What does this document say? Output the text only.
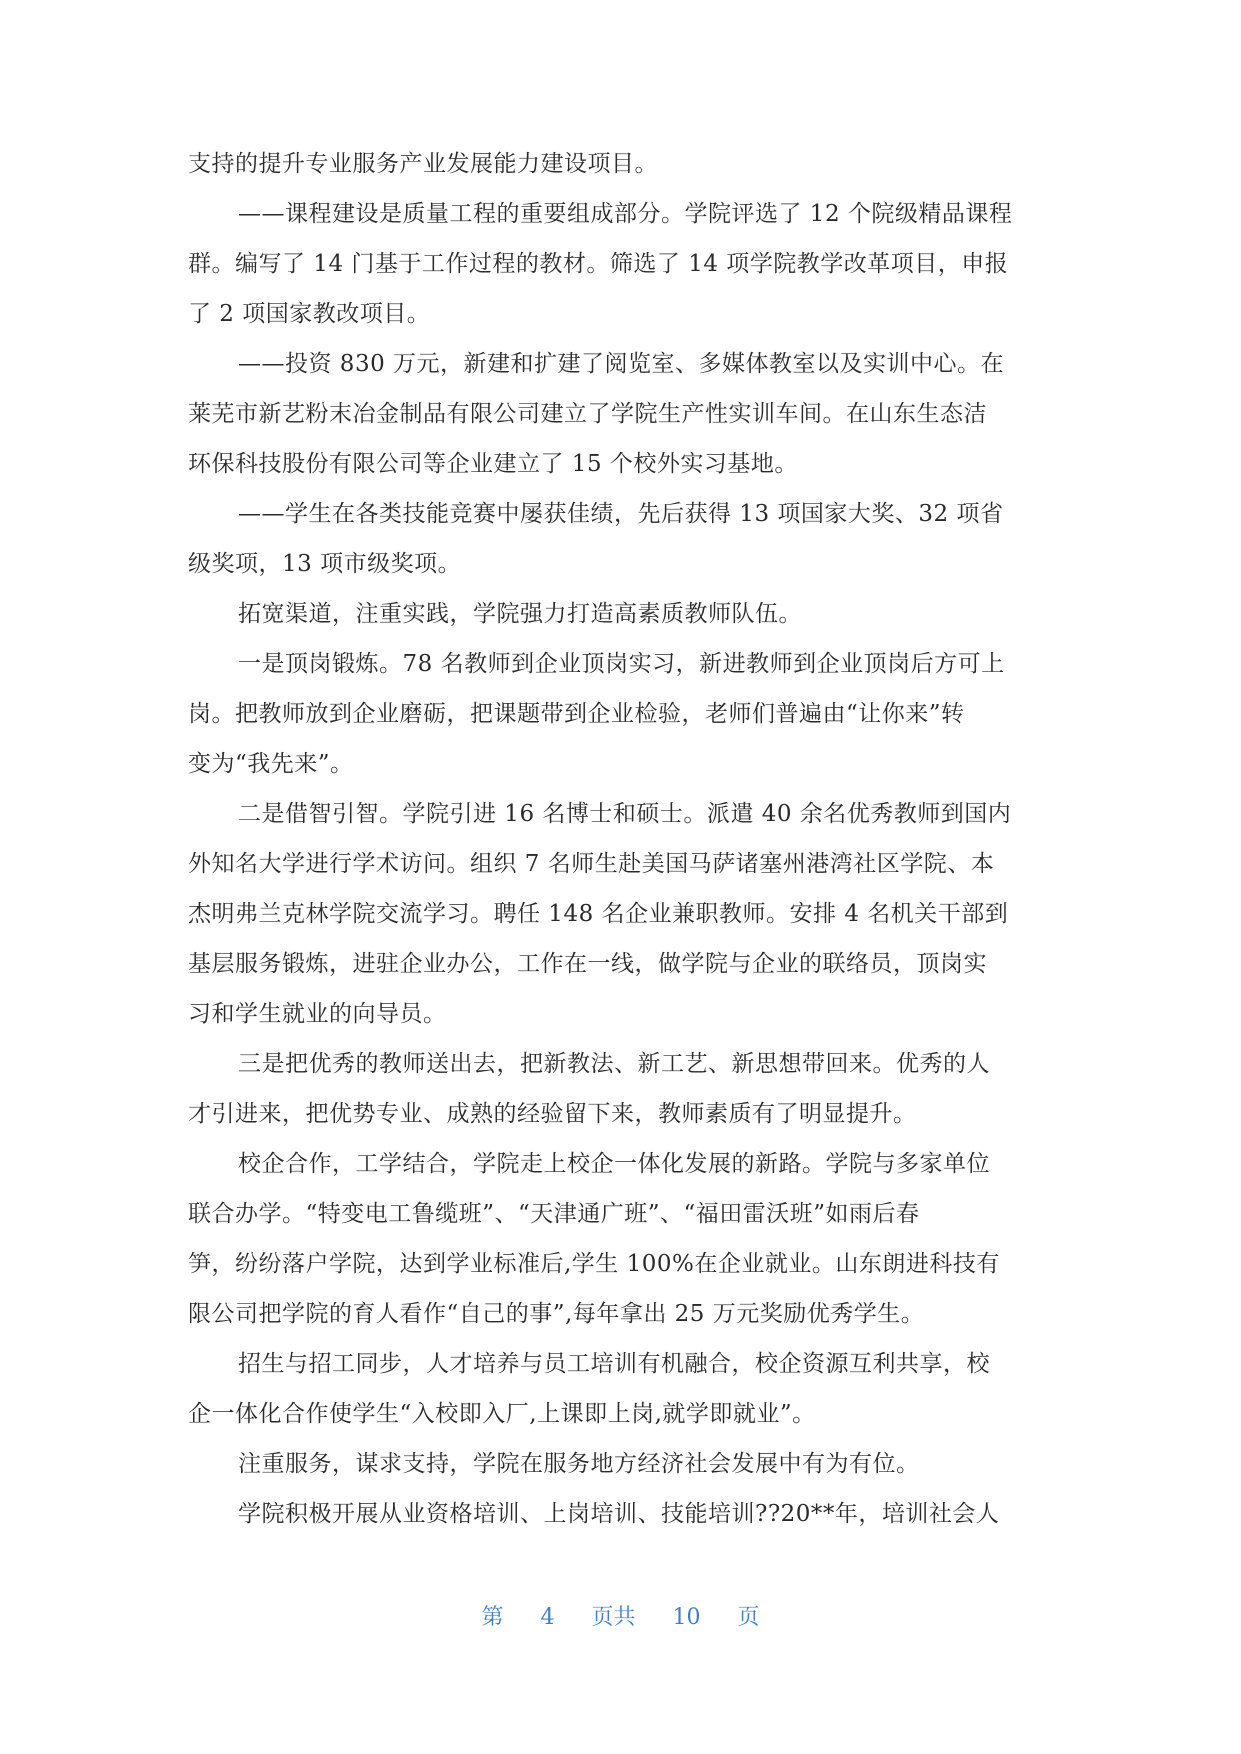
支持的提升专业服务产业发展能力建设项目。
——课程建设是质量工程的重要组成部分。学院评选了 12 个院级精品课程
群。编写了 14 门基于工作过程的教材。筛选了 14 项学院教学改革项目，申报
了 2 项国家教改项目。
——投资 830 万元，新建和扩建了阅览室、多媒体教室以及实训中心。在
莱芜市新艺粉末冶金制品有限公司建立了学院生产性实训车间。在山东生态洁
环保科技股份有限公司等企业建立了 15 个校外实习基地。
——学生在各类技能竞赛中屡获佳绩，先后获得 13 项国家大奖、32 项省
级奖项，13 项市级奖项。
拓宽渠道，注重实践，学院强力打造高素质教师队伍。
一是顶岗锻炼。78 名教师到企业顶岗实习，新进教师到企业顶岗后方可上
岗。把教师放到企业磨砺，把课题带到企业检验，老师们普遍由“让你来”转
变为“我先来”。
二是借智引智。学院引进 16 名博士和硕士。派遣 40 余名优秀教师到国内
外知名大学进行学术访问。组织 7 名师生赴美国马萨诸塞州港湾社区学院、本
杰明弗兰克林学院交流学习。聘任 148 名企业兼职教师。安排 4 名机关干部到
基层服务锻炼，进驻企业办公，工作在一线，做学院与企业的联络员，顶岗实
习和学生就业的向导员。
三是把优秀的教师送出去，把新教法、新工艺、新思想带回来。优秀的人
才引进来，把优势专业、成熟的经验留下来，教师素质有了明显提升。
校企合作，工学结合，学院走上校企一体化发展的新路。学院与多家单位
联合办学。“特变电工鲁缆班”、“天津通广班”、“福田雷沃班”如雨后春
笋，纷纷落户学院，达到学业标准后,学生 100%在企业就业。山东朗进科技有
限公司把学院的育人看作“自己的事”,每年拿出 25 万元奖励优秀学生。
招生与招工同步，人才培养与员工培训有机融合，校企资源互利共享，校
企一体化合作使学生“入校即入厂,上课即上岗,就学即就业”。
注重服务，谋求支持，学院在服务地方经济社会发展中有为有位。
学院积极开展从业资格培训、上岗培训、技能培训??20**年，培训社会人
第 4 页共 10 页
